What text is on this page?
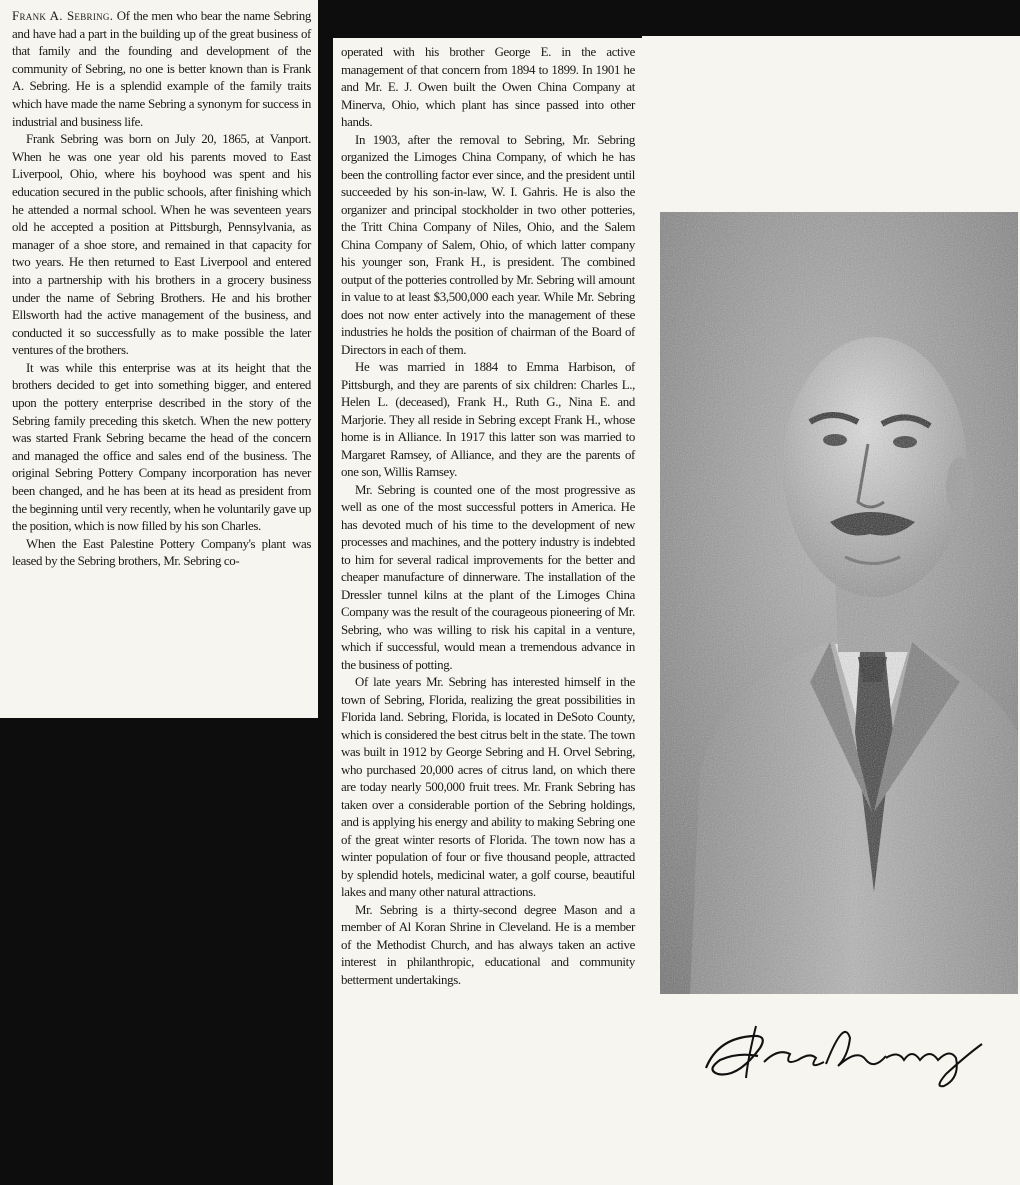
Frank A. Sebring. Of the men who bear the name Sebring and have had a part in the building up of the great business of that family and the founding and development of the community of Sebring, no one is better known than is Frank A. Sebring. He is a splendid example of the family traits which have made the name Sebring a synonym for success in industrial and business life.

Frank Sebring was born on July 20, 1865, at Vanport. When he was one year old his parents moved to East Liverpool, Ohio, where his boyhood was spent and his education secured in the public schools, after finishing which he attended a normal school. When he was seventeen years old he accepted a position at Pittsburgh, Pennsylvania, as manager of a shoe store, and remained in that capacity for two years. He then returned to East Liverpool and entered into a partnership with his brothers in a grocery business under the name of Sebring Brothers. He and his brother Ellsworth had the active management of the business, and conducted it so successfully as to make possible the later ventures of the brothers.

It was while this enterprise was at its height that the brothers decided to get into something bigger, and entered upon the pottery enterprise described in the story of the Sebring family preceding this sketch. When the new pottery was started Frank Sebring became the head of the concern and managed the office and sales end of the business. The original Sebring Pottery Company incorporation has never been changed, and he has been at its head as president from the beginning until very recently, when he voluntarily gave up the position, which is now filled by his son Charles.

When the East Palestine Pottery Company's plant was leased by the Sebring brothers, Mr. Sebring co-

operated with his brother George E. in the active management of that concern from 1894 to 1899. In 1901 he and Mr. E. J. Owen built the Owen China Company at Minerva, Ohio, which plant has since passed into other hands.

In 1903, after the removal to Sebring, Mr. Sebring organized the Limoges China Company, of which he has been the controlling factor ever since, and the president until succeeded by his son-in-law, W. I. Gahris. He is also the organizer and principal stockholder in two other potteries, the Tritt China Company of Niles, Ohio, and the Salem China Company of Salem, Ohio, of which latter company his younger son, Frank H., is president. The combined output of the potteries controlled by Mr. Sebring will amount in value to at least $3,500,000 each year. While Mr. Sebring does not now enter actively into the management of these industries he holds the position of chairman of the Board of Directors in each of them.

He was married in 1884 to Emma Harbison, of Pittsburgh, and they are parents of six children: Charles L., Helen L. (deceased), Frank H., Ruth G., Nina E. and Marjorie. They all reside in Sebring except Frank H., whose home is in Alliance. In 1917 this latter son was married to Margaret Ramsey, of Alliance, and they are the parents of one son, Willis Ramsey.

Mr. Sebring is counted one of the most progressive as well as one of the most successful potters in America. He has devoted much of his time to the development of new processes and machines, and the pottery industry is indebted to him for several radical improvements for the better and cheaper manufacture of dinnerware. The installation of the Dressler tunnel kilns at the plant of the Limoges China Company was the result of the courageous pioneering of Mr. Sebring, who was willing to risk his capital in a venture, which if successful, would mean a tremendous advance in the business of potting.

Of late years Mr. Sebring has interested himself in the town of Sebring, Florida, realizing the great possibilities in Florida land. Sebring, Florida, is located in DeSoto County, which is considered the best citrus belt in the state. The town was built in 1912 by George Sebring and H. Orvel Sebring, who purchased 20,000 acres of citrus land, on which there are today nearly 500,000 fruit trees. Mr. Frank Sebring has taken over a considerable portion of the Sebring holdings, and is applying his energy and ability to making Sebring one of the great winter resorts of Florida. The town now has a winter population of four or five thousand people, attracted by splendid hotels, medicinal water, a golf course, beautiful lakes and many other natural attractions.

Mr. Sebring is a thirty-second degree Mason and a member of Al Koran Shrine in Cleveland. He is a member of the Methodist Church, and has always taken an active interest in philanthropic, educational and community betterment undertakings.
